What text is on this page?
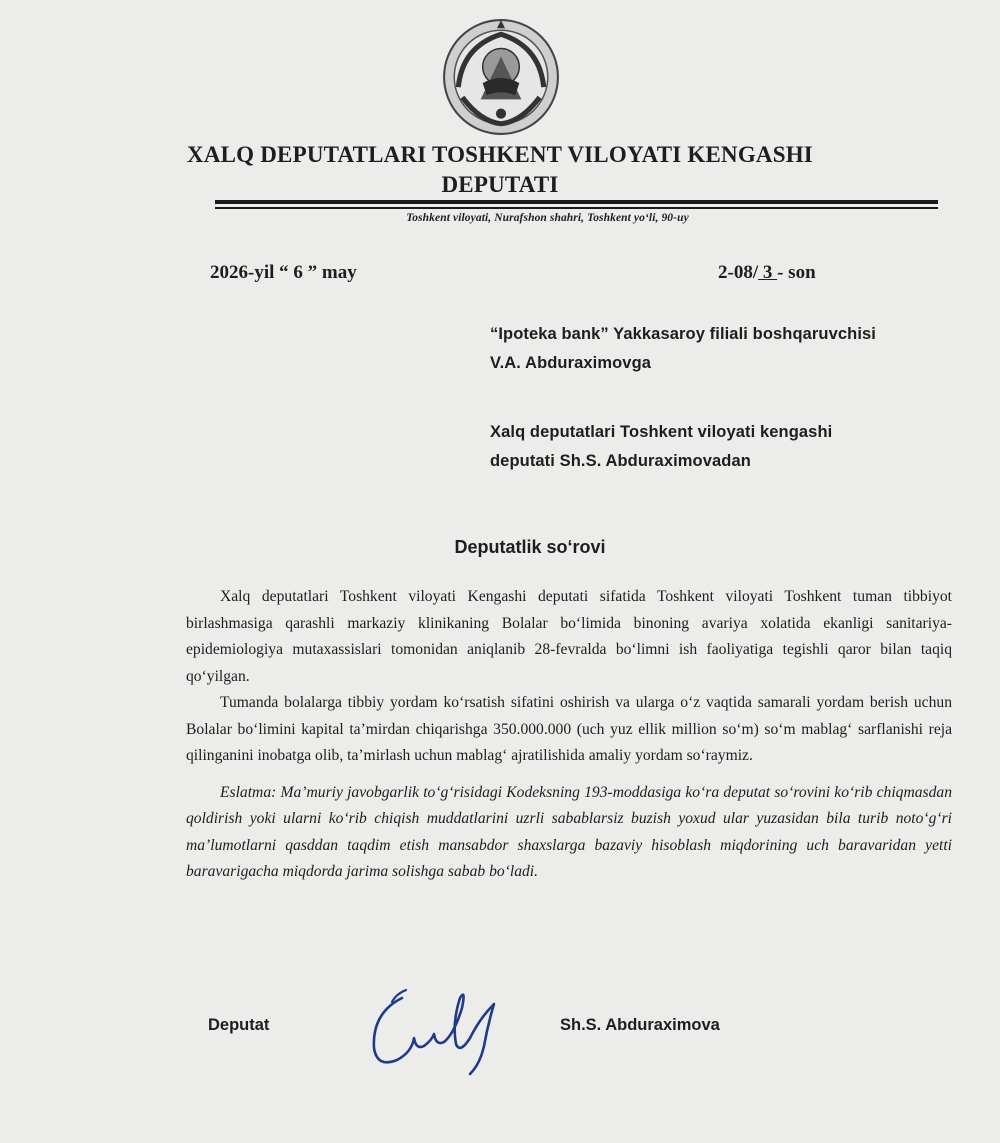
XALQ DEPUTATLARI TOSHKENT VILOYATI KENGASHI
DEPUTATI
Toshkent viloyati, Nurafshon shahri, Toshkent yo‘li, 90-uy
2026-yil “ 6 ” may	2-08/ 3 - son
“Ipoteka bank” Yakkasaroy filiali boshqaruvchisi
V.A. Abduraximovga
Xalq deputatlari Toshkent viloyati kengashi
deputati Sh.S. Abduraximovadan
Deputatlik so‘rovi

Xalq deputatlari Toshkent viloyati Kengashi deputati sifatida Toshkent viloyati Toshkent tuman tibbiyot birlashmasiga qarashli markaziy klinikaning Bolalar bo‘limida binoning avariya xolatida ekanligi sanitariya-epidemiologiya mutaxassislari tomonidan aniqlanib 28-fevralda bo‘limni ish faoliyatiga tegishli qaror bilan taqiq qo‘yilgan.

Tumanda bolalarga tibbiy yordam ko‘rsatish sifatini oshirish va ularga o‘z vaqtida samarali yordam berish uchun Bolalar bo‘limini kapital ta’mirdan chiqarishga 350.000.000 (uch yuz ellik million so‘m) so‘m mablag‘ sarflanishi reja qilinganini inobatga olib, ta’mirlash uchun mablag‘ ajratilishida amaliy yordam so‘raymiz.

Eslatma: Ma’muriy javobgarlik to‘g‘risidagi Kodeksning 193-moddasiga ko‘ra deputat so‘rovini ko‘rib chiqmasdan qoldirish yoki ularni ko‘rib chiqish muddatlarini uzrli sabablarsiz buzish yoxud ular yuzasidan bila turib noto‘g‘ri ma’lumotlarni qasddan taqdim etish mansabdor shaxslarga bazaviy hisoblash miqdorining uch baravaridan yetti baravarigacha miqdorda jarima solishga sabab bo‘ladi.

Deputat	Sh.S. Abduraximova
